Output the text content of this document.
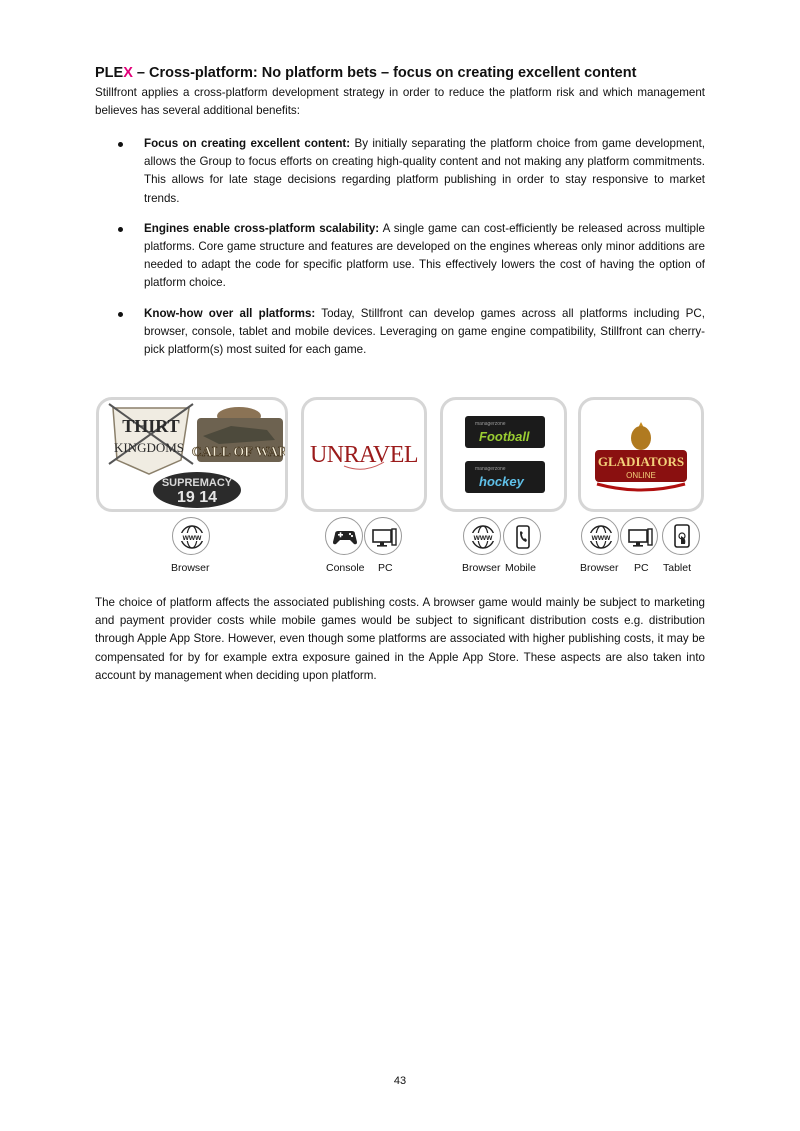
PLEX – Cross-platform: No platform bets – focus on creating excellent content
Stillfront applies a cross-platform development strategy in order to reduce the platform risk and which management believes has several additional benefits:
Focus on creating excellent content: By initially separating the platform choice from game development, allows the Group to focus efforts on creating high-quality content and not making any platform commitments. This allows for late stage decisions regarding platform publishing in order to stay responsive to market trends.
Engines enable cross-platform scalability: A single game can cost-efficiently be released across multiple platforms. Core game structure and features are developed on the engines whereas only minor additions are needed to adapt the code for specific platform use. This effectively lowers the cost of having the option of platform choice.
Know-how over all platforms: Today, Stillfront can develop games across all platforms including PC, browser, console, tablet and mobile devices. Leveraging on game engine compatibility, Stillfront can cherry-pick platform(s) most suited for each game.
THIRT
KINGDOMS CALL OF WAR
SUPREMACY
19 14
UNRAVEL
managerzone
Football
managerzone
hockey
GLADIATORS
ONLINE
www	www	www
Browser	Console PC	Browser Mobile	Browser PC Tablet
The choice of platform affects the associated publishing costs. A browser game would mainly be subject to marketing and payment provider costs while mobile games would be subject to significant distribution costs e.g. distribution through Apple App Store. However, even though some platforms are associated with higher publishing costs, it may be compensated for by for example extra exposure gained in the Apple App Store. These aspects are also taken into account by management when deciding upon platform.
43
